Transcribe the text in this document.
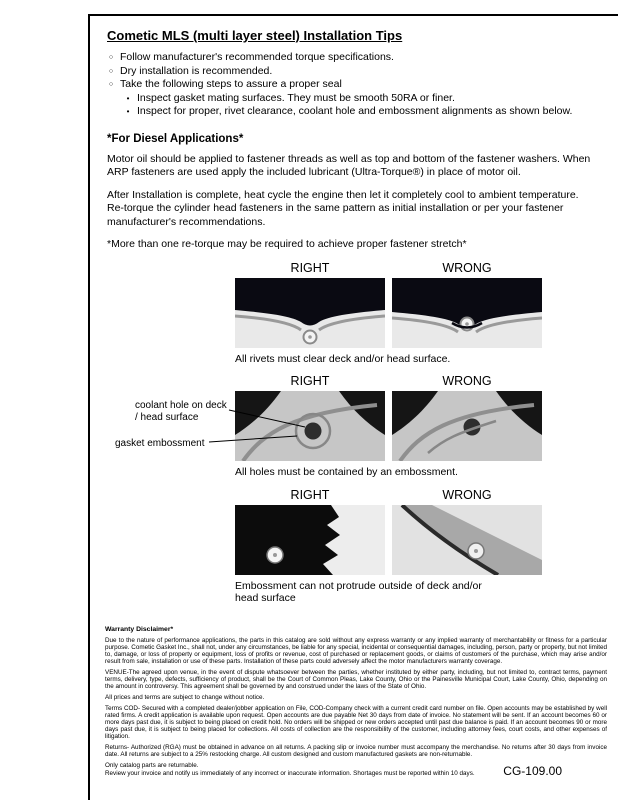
Cometic MLS (multi layer steel) Installation Tips
○ Follow manufacturer's recommended torque specifications.
○ Dry installation is recommended.
○ Take the following steps to assure a proper seal
• Inspect gasket mating surfaces. They must be smooth 50RA or finer.
• Inspect for proper, rivet clearance, coolant hole and embossment alignments as shown below.
*For Diesel Applications*

Motor oil should be applied to fastener threads as well as top and bottom of the fastener washers. When ARP fasteners are used apply the included lubricant (Ultra-Torque®) in place of motor oil.

After Installation is complete, heat cycle the engine then let it completely cool to ambient temperature. Re-torque the cylinder head fasteners in the same pattern as initial installation or per your fastener manufacturer's recommendations.

*More than one re-torque may be required to achieve proper fastener stretch*

RIGHT	WRONG
All rivets must clear deck and/or head surface.
RIGHT	WRONG
All holes must be contained by an embossment.
coolant hole on deck / head surface
gasket embossment
RIGHT	WRONG
Embossment can not protrude outside of deck and/or head surface
Warranty Disclaimer*

Due to the nature of performance applications, the parts in this catalog are sold without any express warranty or any implied warranty of merchantability or fitness for a particular purpose. Cometic Gasket Inc., shall not, under any circumstances, be liable for any special, incidental or consequential damages, including, person, party or property, but not limited to, damage, or loss of property or equipment, loss of profits or revenue, cost of purchased or replacement goods, or claims of customers of the purchase, which may arise and/or result from sale, installation or use of these parts. Installation of these parts could adversely affect the motor manufacturers warranty coverage.

VENUE-The agreed upon venue, in the event of dispute whatsoever between the parties, whether instituted by either party, including, but not limited to, contract terms, payment terms, delivery, type, defects, sufficiency of product, shall be the Court of Common Pleas, Lake County, Ohio or the Painesville Municipal Court, Lake County, Ohio, depending on the amount in controversy. This agreement shall be governed by and construed under the laws of the State of Ohio.

All prices and terms are subject to change without notice.

Terms COD- Secured with a completed dealer/jobber application on File, COD-Company check with a current credit card number on file. Open accounts may be established by well rated firms. A credit application is available upon request. Open accounts are due payable Net 30 days from date of invoice. No statement will be sent. If an account becomes 60 or more days past due, it is subject to being placed on credit hold. No orders will be shipped or new orders accepted until past due balance is paid. If an account becomes 90 or more days past due, it is subject to being placed for collections. All costs of collection are the responsibility of the customer, including attorney fees, court costs, and other expenses of litigation.

Returns- Authorized (RGA) must be obtained in advance on all returns. A packing slip or invoice number must accompany the merchandise. No returns after 30 days from invoice date. All returns are subject to a 25% restocking charge. All custom designed and custom manufactured gaskets are non-returnable.

Only catalog parts are returnable.

Review your invoice and notify us immediately of any incorrect or inaccurate information. Shortages must be reported within 10 days.	CG-109.00
